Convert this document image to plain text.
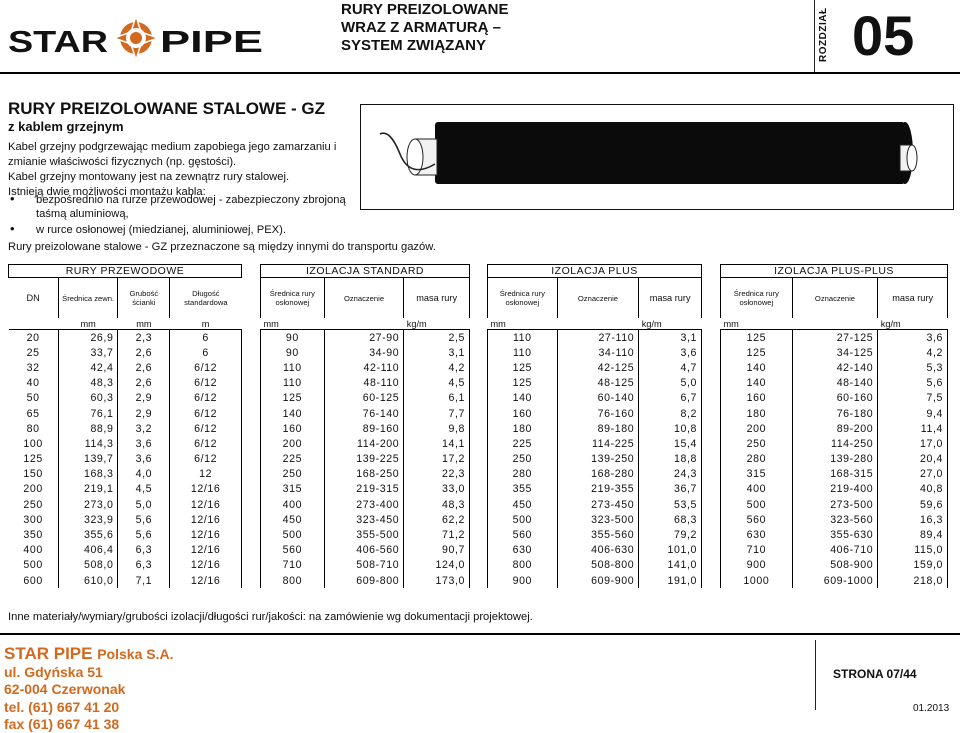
STAR PIPE
RURY PREIZOLOWANE
WRAZ Z ARMATURĄ –
SYSTEM ZWIĄZANY	ROZDZIAŁ 05
RURY PREIZOLOWANE STALOWE - GZ
z kablem grzejnym

Kabel grzejny podgrzewając medium zapobiega jego zamarzaniu i zmianie właściwości fizycznych (np. gęstości).

Kabel grzejny montowany jest na zewnątrz rury stalowej.

Istnieją dwie możliwości montażu kabla:

• bezpośrednio na rurze przewodowej - zabezpieczony zbrojoną taśmą aluminiową,
• w rurce osłonowej (miedzianej, aluminiowej, PEX).
Rury preizolowane stalowe - GZ przeznaczone są między innymi do transportu gazów.
RURY PRZEWODOWE			
DN	Średnica zewn.	Grubość ścianki	Długość standardowa
	mm	mm	m
20	26,9	2,3	6
25	33,7	2,6	6
32	42,4	2,6	6/12
40	48,3	2,6	6/12
50	60,3	2,9	6/12
65	76,1	2,9	6/12
80	88,9	3,2	6/12
100	114,3	3,6	6/12
125	139,7	3,6	6/12
150	168,3	4,0	12
200	219,1	4,5	12/16
250	273,0	5,0	12/16
300	323,9	5,6	12/16
350	355,6	5,6	12/16
400	406,4	6,3	12/16
500	508,0	6,3	12/16
600	610,0	7,1	12/16
IZOLACJA STANDARD		
Średnica rury osłonowej	Oznaczenie	masa rury
mm		kg/m
90	27-90	2,5
90	34-90	3,1
110	42-110	4,2
110	48-110	4,5
125	60-125	6,1
140	76-140	7,7
160	89-160	9,8
200	114-200	14,1
225	139-225	17,2
250	168-250	22,3
315	219-315	33,0
400	273-400	48,3
450	323-450	62,2
500	355-500	71,2
560	406-560	90,7
710	508-710	124,0
800	609-800	173,0
IZOLACJA PLUS		
Średnica rury osłonowej	Oznaczenie	masa rury
mm		kg/m
110	27-110	3,1
110	34-110	3,6
125	42-125	4,7
125	48-125	5,0
140	60-140	6,7
160	76-160	8,2
180	89-180	10,8
225	114-225	15,4
250	139-250	18,8
280	168-280	24,3
355	219-355	36,7
450	273-450	53,5
500	323-500	68,3
560	355-560	79,2
630	406-630	101,0
800	508-800	141,0
900	609-900	191,0
IZOLACJA PLUS-PLUS		
Średnica rury osłonowej	Oznaczenie	masa rury
mm		kg/m
125	27-125	3,6
125	34-125	4,2
140	42-140	5,3
140	48-140	5,6
160	60-160	7,5
180	76-180	9,4
200	89-200	11,4
250	114-250	17,0
280	139-280	20,4
315	168-315	27,0
400	219-400	40,8
500	273-500	59,6
560	323-560	16,3
630	355-630	89,4
710	406-710	115,0
900	508-900	159,0
1000	609-1000	218,0
Inne materiały/wymiary/grubości izolacji/długości rur/jakości: na zamówienie wg dokumentacji projektowej.
STAR PIPE Polska S.A.
ul. Gdyńska 51
62-004 Czerwonak
tel. (61) 667 41 20
fax (61) 667 41 38
STRONA 07/44
01.2013
